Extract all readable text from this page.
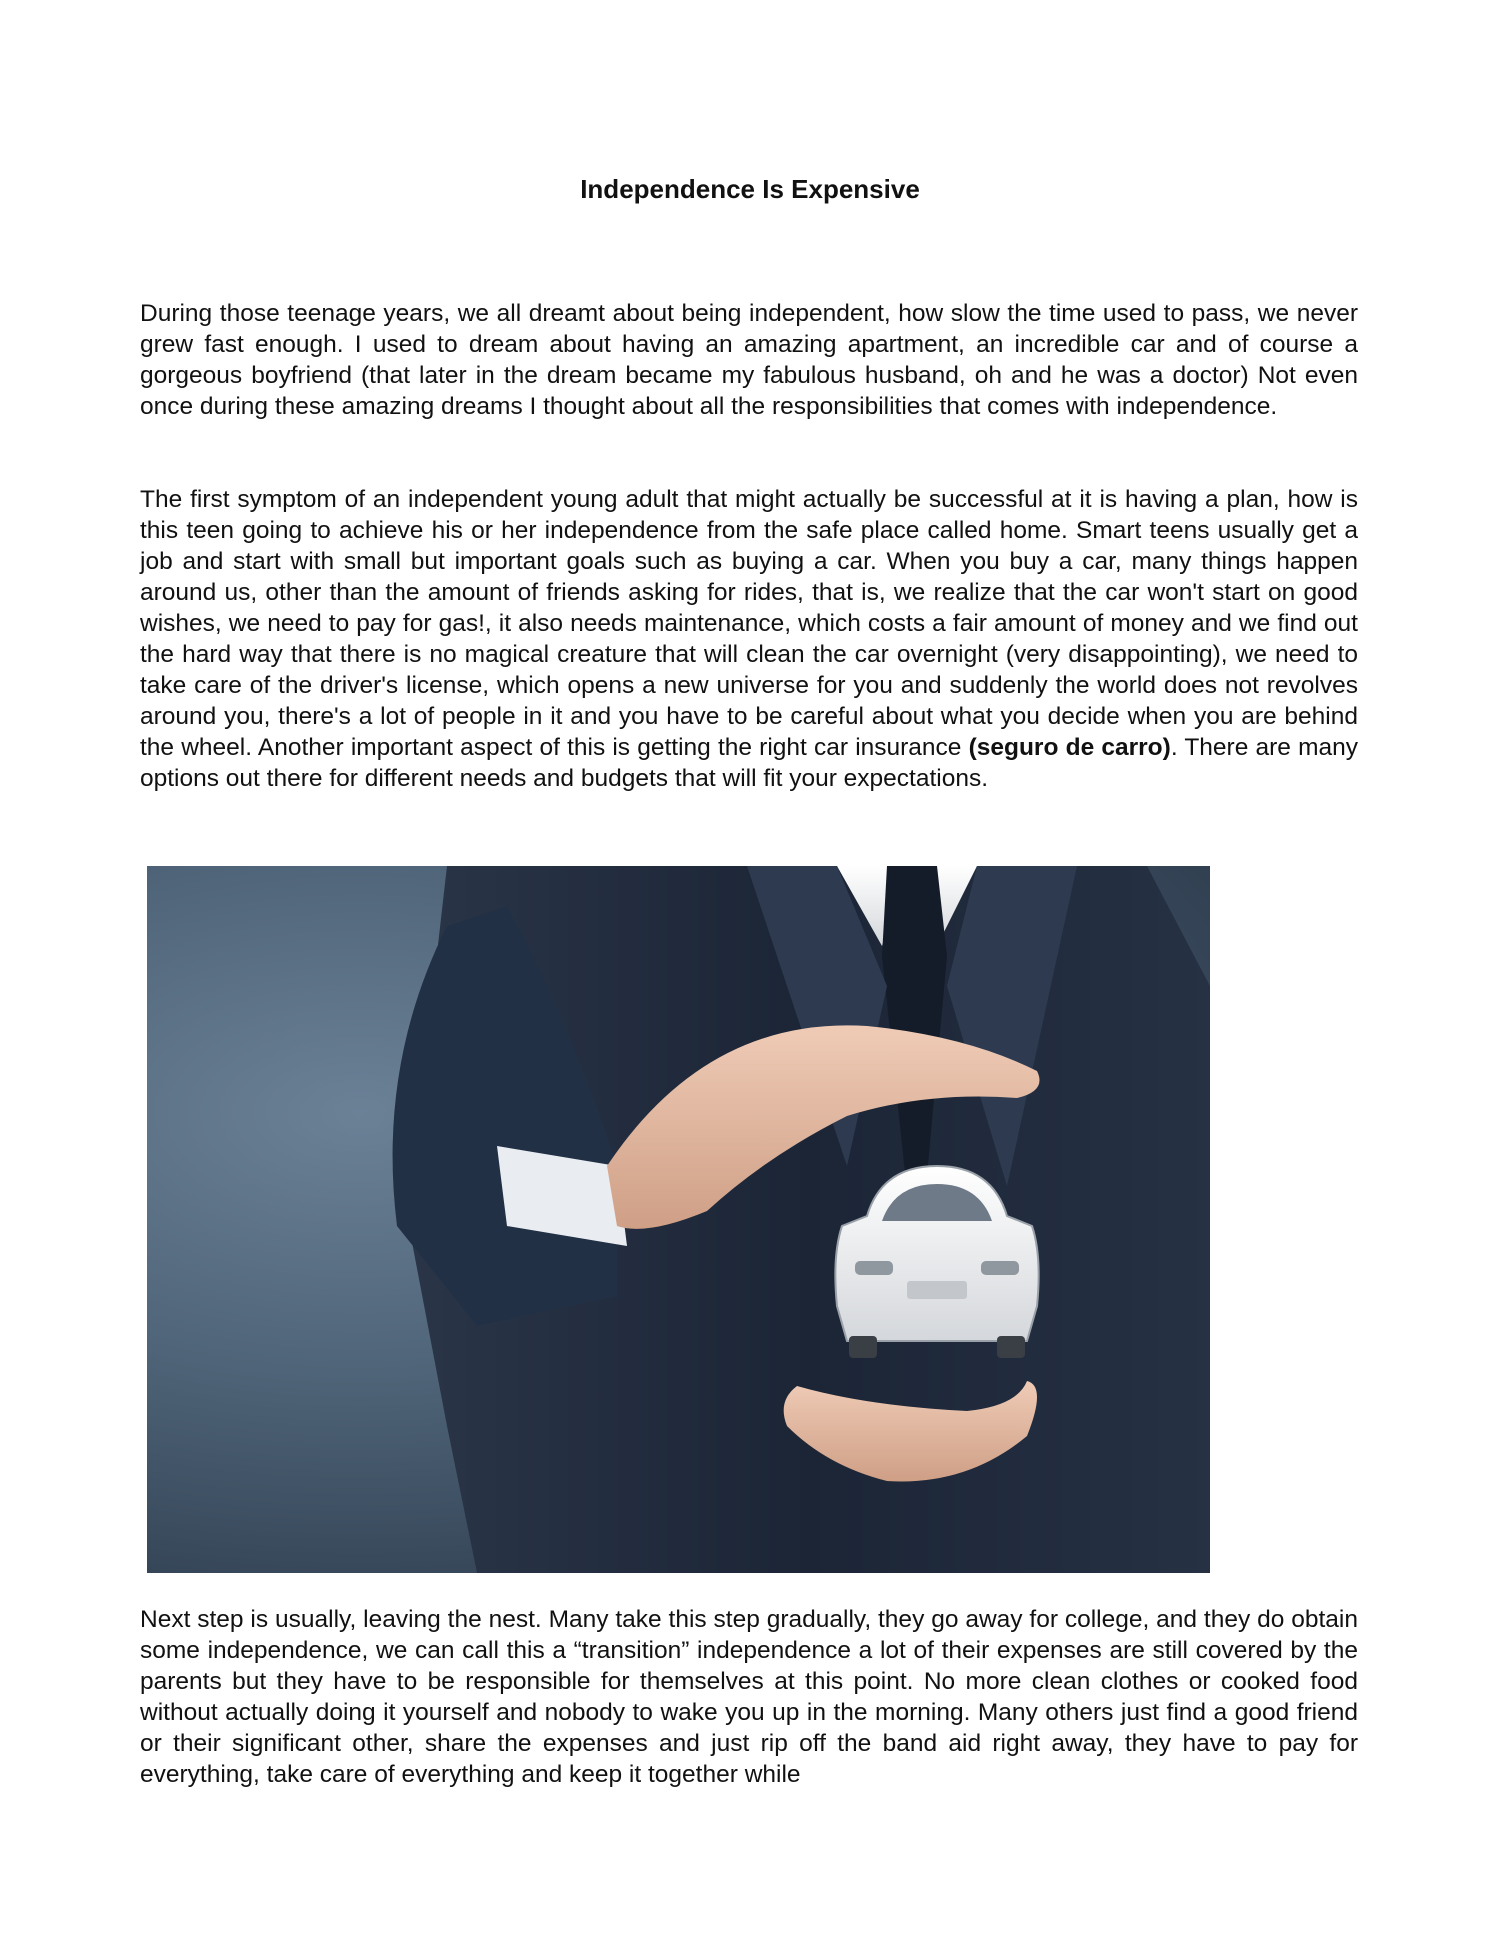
Independence Is Expensive

During those teenage years, we all dreamt about being independent, how slow the time used to pass, we never grew fast enough. I used to dream about having an amazing apartment, an incredible car and of course a gorgeous boyfriend (that later in the dream became my fabulous husband, oh and he was a doctor) Not even once during these amazing dreams I thought about all the responsibilities that comes with independence.

The first symptom of an independent young adult that might actually be successful at it is having a plan, how is this teen going to achieve his or her independence from the safe place called home. Smart teens usually get a job and start with small but important goals such as buying a car. When you buy a car, many things happen around us, other than the amount of friends asking for rides, that is, we realize that the car won't start on good wishes, we need to pay for gas!, it also needs maintenance, which costs a fair amount of money and we find out the hard way that there is no magical creature that will clean the car overnight (very disappointing), we need to take care of the driver's license, which opens a new universe for you and suddenly the world does not revolves around you, there's a lot of people in it and you have to be careful about what you decide when you are behind the wheel. Another important aspect of this is getting the right car insurance (seguro de carro). There are many options out there for different needs and budgets that will fit your expectations.

Next step is usually, leaving the nest. Many take this step gradually, they go away for college, and they do obtain some independence, we can call this a “transition” independence a lot of their expenses are still covered by the parents but they have to be responsible for themselves at this point. No more clean clothes or cooked food without actually doing it yourself and nobody to wake you up in the morning. Many others just find a good friend or their significant other, share the expenses and just rip off the band aid right away, they have to pay for everything, take care of everything and keep it together while
